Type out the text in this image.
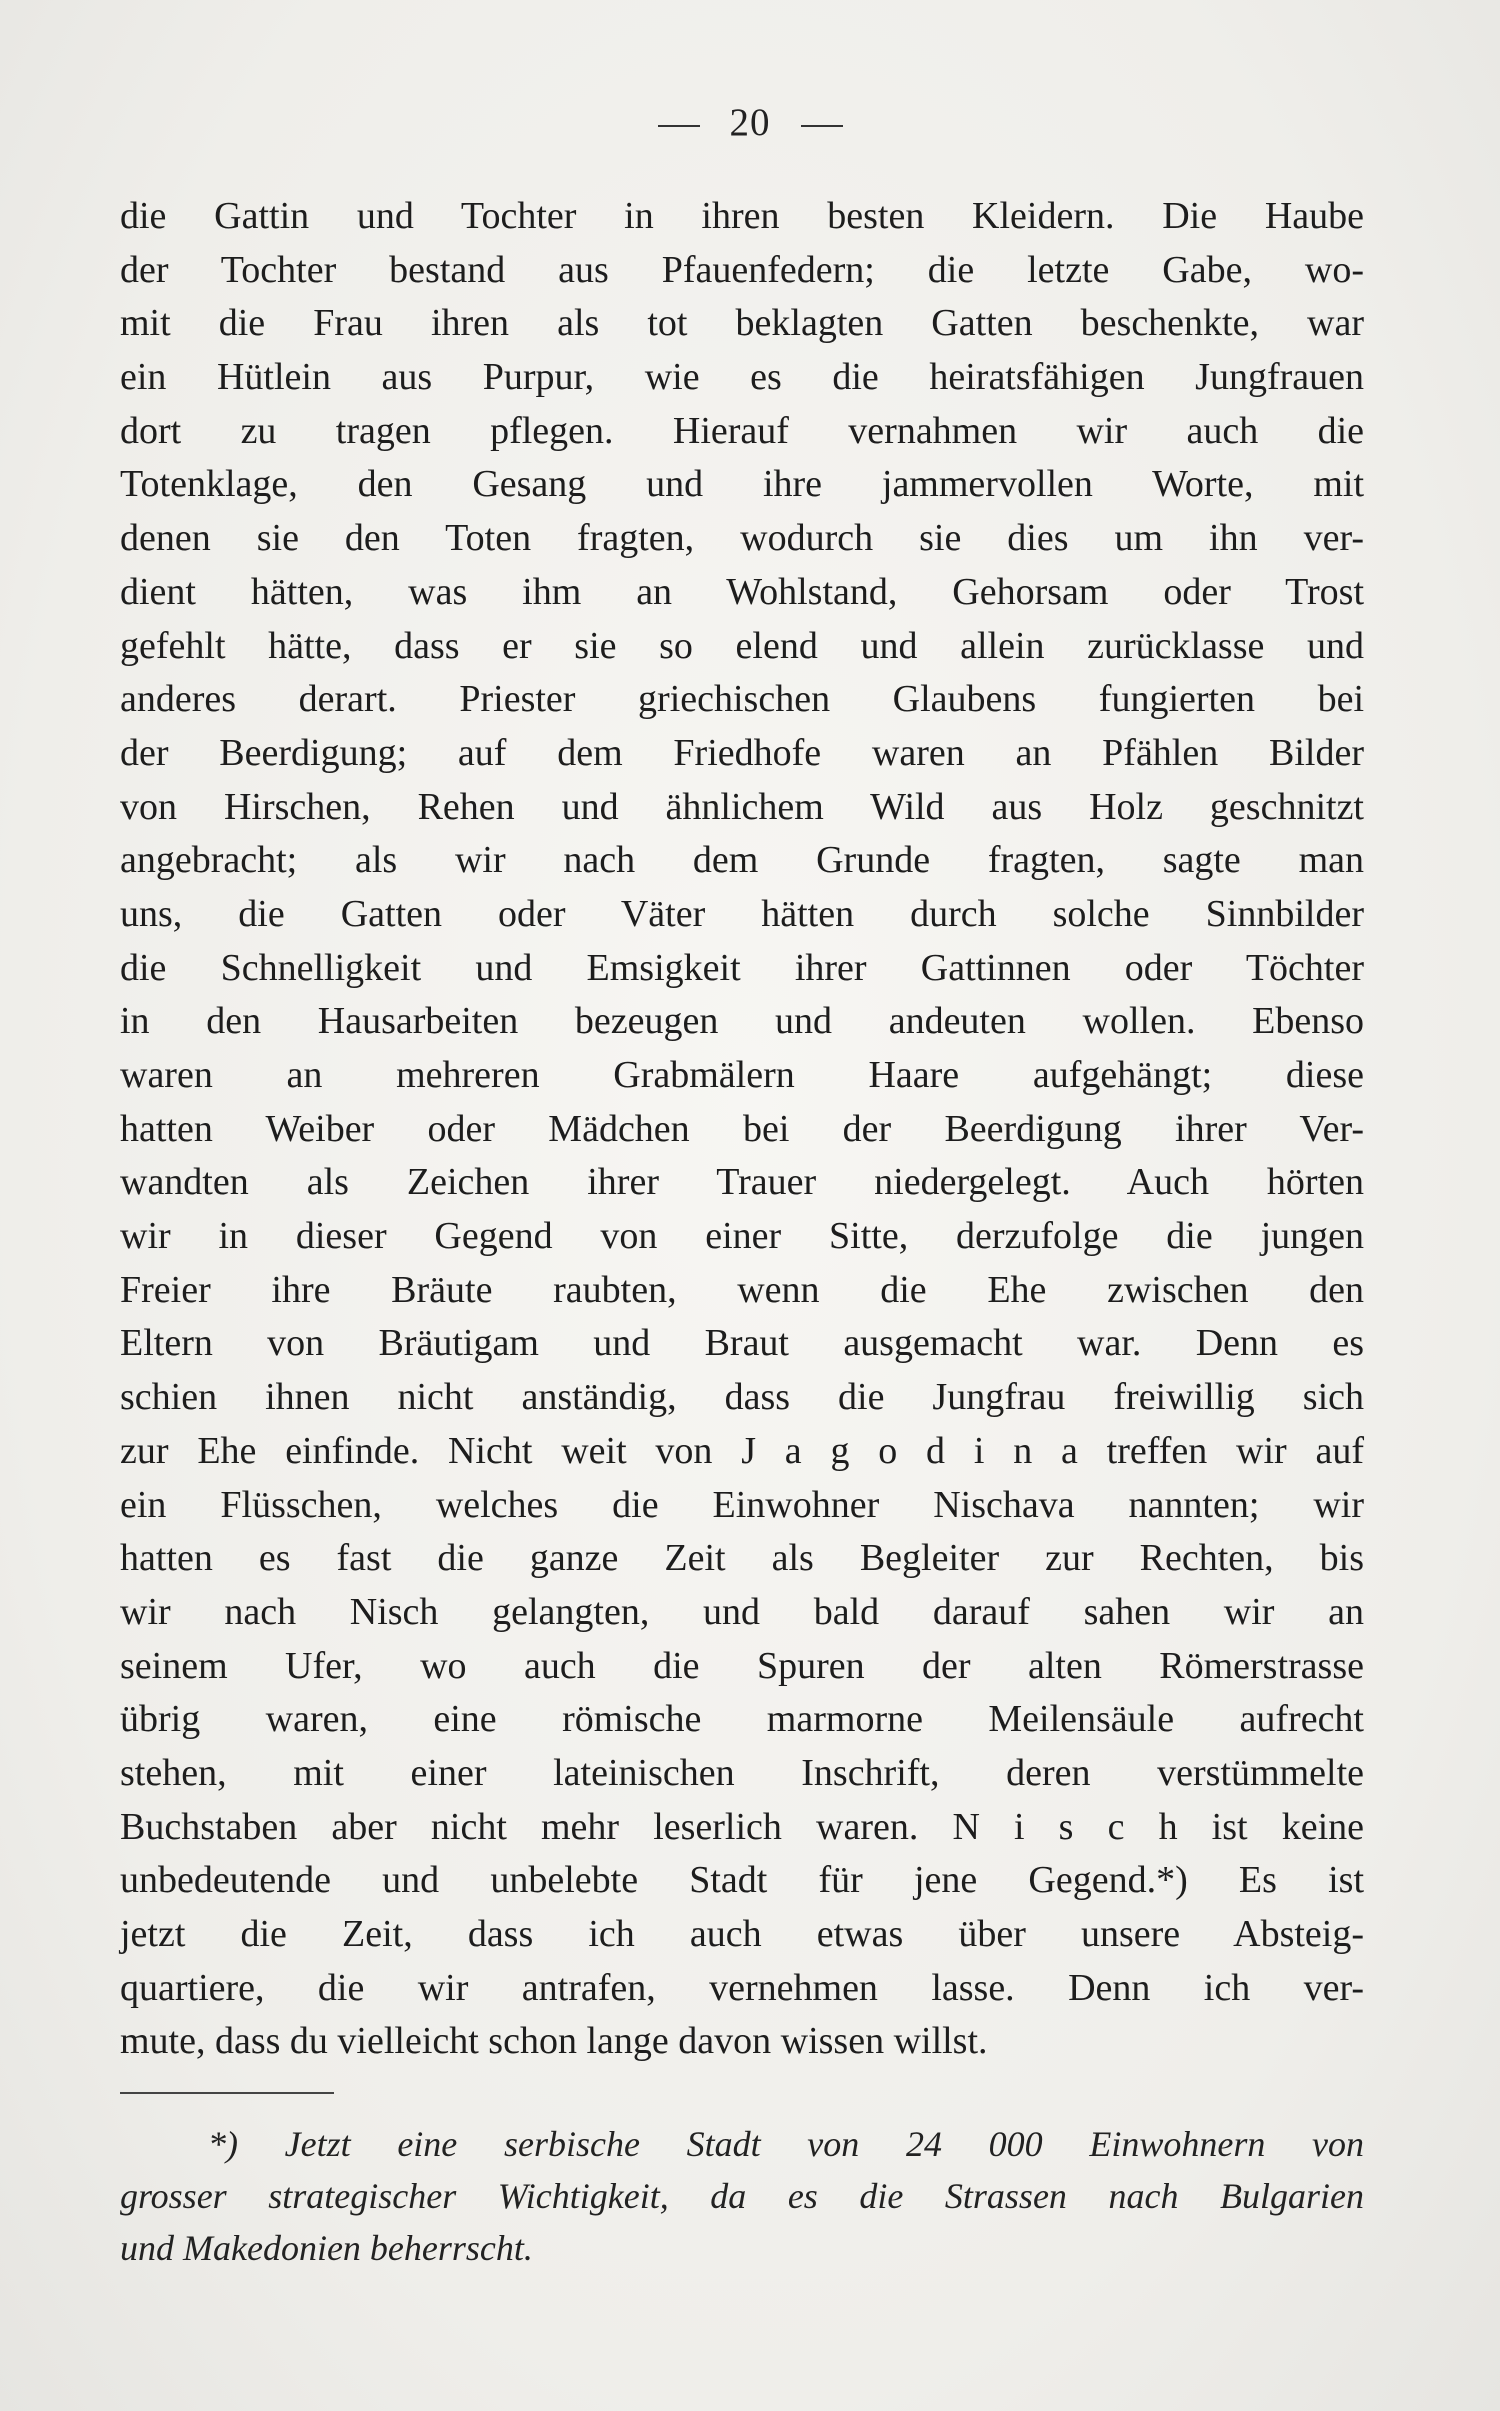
20
die Gattin und Tochter in ihren besten Kleidern. Die Haube
der Tochter bestand aus Pfauenfedern; die letzte Gabe, wo-
mit die Frau ihren als tot beklagten Gatten beschenkte, war
ein Hütlein aus Purpur, wie es die heiratsfähigen Jungfrauen
dort zu tragen pflegen. Hierauf vernahmen wir auch die
Totenklage, den Gesang und ihre jammervollen Worte, mit
denen sie den Toten fragten, wodurch sie dies um ihn ver-
dient hätten, was ihm an Wohlstand, Gehorsam oder Trost
gefehlt hätte, dass er sie so elend und allein zurücklasse und
anderes derart. Priester griechischen Glaubens fungierten bei
der Beerdigung; auf dem Friedhofe waren an Pfählen Bilder
von Hirschen, Rehen und ähnlichem Wild aus Holz geschnitzt
angebracht; als wir nach dem Grunde fragten, sagte man
uns, die Gatten oder Väter hätten durch solche Sinnbilder
die Schnelligkeit und Emsigkeit ihrer Gattinnen oder Töchter
in den Hausarbeiten bezeugen und andeuten wollen. Ebenso
waren an mehreren Grabmälern Haare aufgehängt; diese
hatten Weiber oder Mädchen bei der Beerdigung ihrer Ver-
wandten als Zeichen ihrer Trauer niedergelegt. Auch hörten
wir in dieser Gegend von einer Sitte, derzufolge die jungen
Freier ihre Bräute raubten, wenn die Ehe zwischen den
Eltern von Bräutigam und Braut ausgemacht war. Denn es
schien ihnen nicht anständig, dass die Jungfrau freiwillig sich
zur Ehe einfinde. Nicht weit von J a g o d i n a treffen wir auf
ein Flüsschen, welches die Einwohner Nischava nannten; wir
hatten es fast die ganze Zeit als Begleiter zur Rechten, bis
wir nach Nisch gelangten, und bald darauf sahen wir an
seinem Ufer, wo auch die Spuren der alten Römerstrasse
übrig waren, eine römische marmorne Meilensäule aufrecht
stehen, mit einer lateinischen Inschrift, deren verstümmelte
Buchstaben aber nicht mehr leserlich waren. N i s c h ist keine
unbedeutende und unbelebte Stadt für jene Gegend.*) Es ist
jetzt die Zeit, dass ich auch etwas über unsere Absteig-
quartiere, die wir antrafen, vernehmen lasse. Denn ich ver-
mute, dass du vielleicht schon lange davon wissen willst.
*) Jetzt eine serbische Stadt von 24 000 Einwohnern von
grosser strategischer Wichtigkeit, da es die Strassen nach Bulgarien
und Makedonien beherrscht.
